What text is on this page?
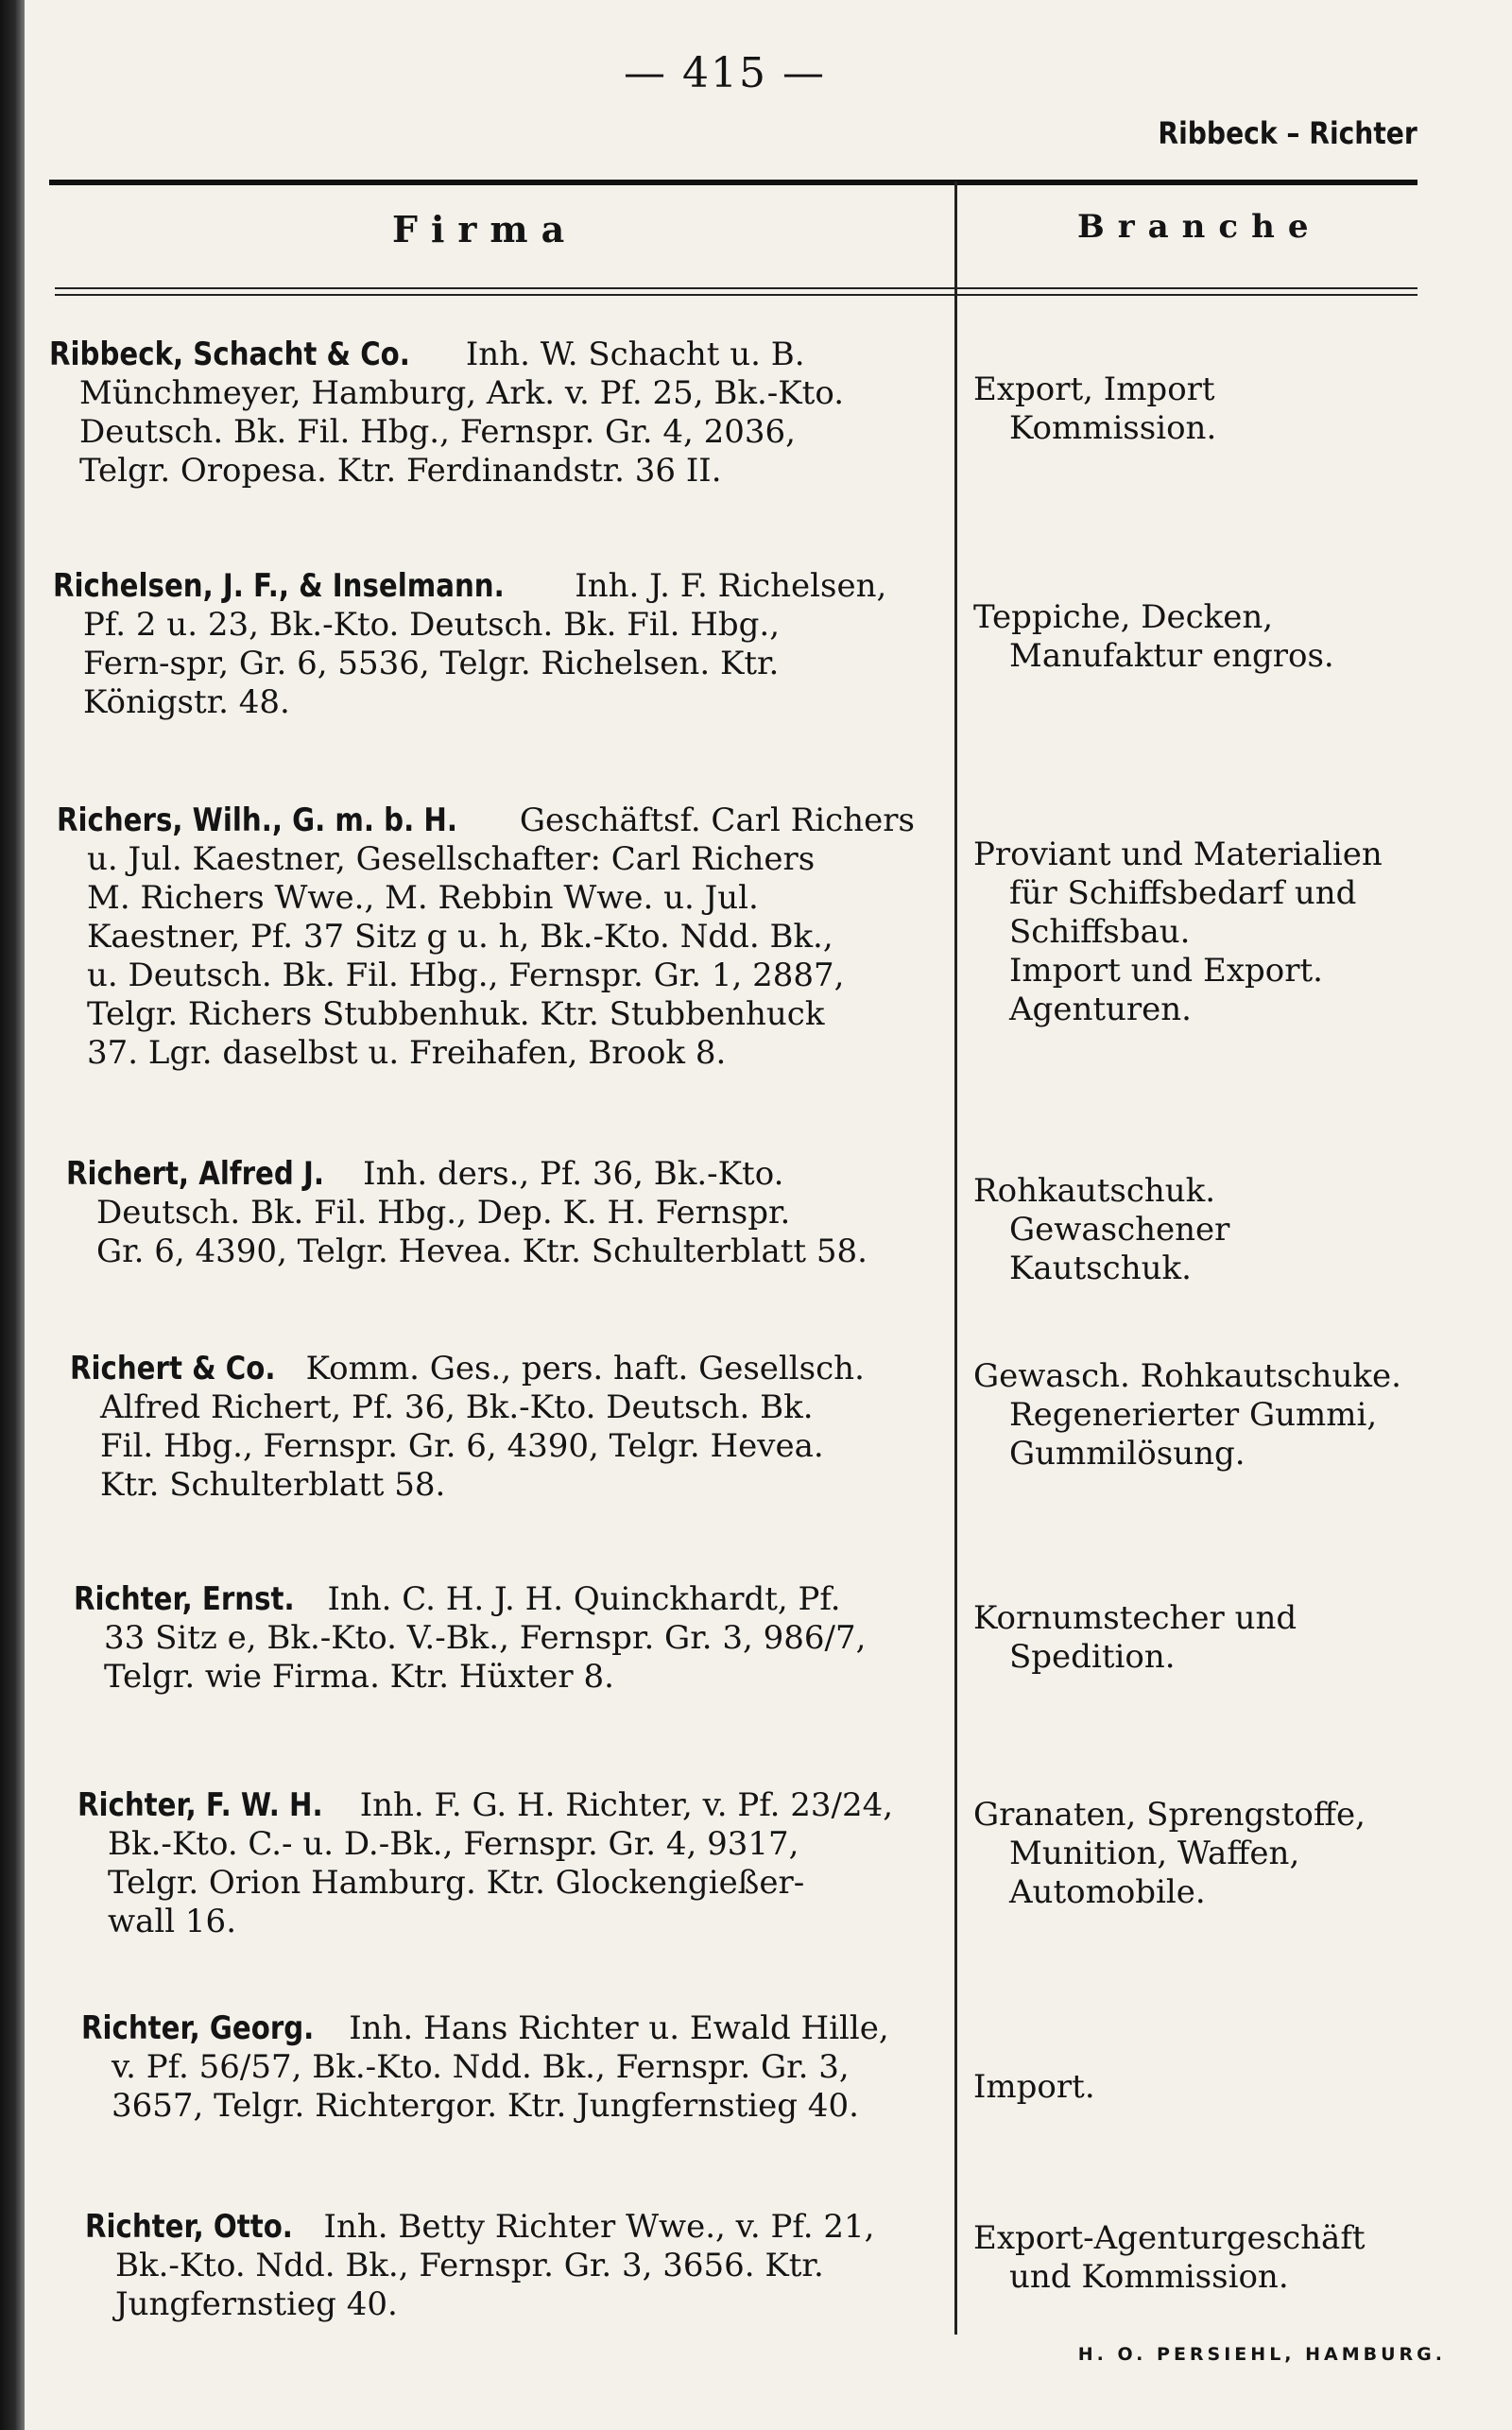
— 415 —
Ribbeck – Richter
Firma	Branche
Ribbeck, Schacht & Co. Inh. W. Schacht u. B.
Münchmeyer, Hamburg, Ark. v. Pf. 25, Bk.-Kto.
Deutsch. Bk. Fil. Hbg., Fernspr. Gr. 4, 2036,
Telgr. Oropesa. Ktr. Ferdinandstr. 36 II.
Export, Import
Kommission.
Richelsen, J. F., & Inselmann. Inh. J. F. Richelsen,
Pf. 2 u. 23, Bk.-Kto. Deutsch. Bk. Fil. Hbg.,
Fern-spr, Gr. 6, 5536, Telgr. Richelsen. Ktr.
Königstr. 48.
Teppiche, Decken,
Manufaktur engros.
Richers, Wilh., G. m. b. H. Geschäftsf. Carl Richers
u. Jul. Kaestner, Gesellschafter: Carl Richers
M. Richers Wwe., M. Rebbin Wwe. u. Jul.
Kaestner, Pf. 37 Sitz g u. h, Bk.-Kto. Ndd. Bk.,
u. Deutsch. Bk. Fil. Hbg., Fernspr. Gr. 1, 2887,
Telgr. Richers Stubbenhuk. Ktr. Stubbenhuck
37. Lgr. daselbst u. Freihafen, Brook 8.
Proviant und Materialien
für Schiffsbedarf und
Schiffsbau.
Import und Export.
Agenturen.
Richert, Alfred J. Inh. ders., Pf. 36, Bk.-Kto.
Deutsch. Bk. Fil. Hbg., Dep. K. H. Fernspr.
Gr. 6, 4390, Telgr. Hevea. Ktr. Schulterblatt 58.
Rohkautschuk.
Gewaschener
Kautschuk.
Richert & Co. Komm. Ges., pers. haft. Gesellsch.
Alfred Richert, Pf. 36, Bk.-Kto. Deutsch. Bk.
Fil. Hbg., Fernspr. Gr. 6, 4390, Telgr. Hevea.
Ktr. Schulterblatt 58.
Gewasch. Rohkautschuke.
Regenerierter Gummi,
Gummilösung.
Richter, Ernst. Inh. C. H. J. H. Quinckhardt, Pf.
33 Sitz e, Bk.-Kto. V.-Bk., Fernspr. Gr. 3, 986/7,
Telgr. wie Firma. Ktr. Hüxter 8.
Kornumstecher und
Spedition.
Richter, F. W. H. Inh. F. G. H. Richter, v. Pf. 23/24,
Bk.-Kto. C.- u. D.-Bk., Fernspr. Gr. 4, 9317,
Telgr. Orion Hamburg. Ktr. Glockengießer-
wall 16.
Granaten, Sprengstoffe,
Munition, Waffen,
Automobile.
Richter, Georg. Inh. Hans Richter u. Ewald Hille,
v. Pf. 56/57, Bk.-Kto. Ndd. Bk., Fernspr. Gr. 3,
3657, Telgr. Richtergor. Ktr. Jungfernstieg 40.	Import.
Richter, Otto. Inh. Betty Richter Wwe., v. Pf. 21,
Bk.-Kto. Ndd. Bk., Fernspr. Gr. 3, 3656. Ktr.
Jungfernstieg 40.
Export-Agenturgeschäft
und Kommission.
H. O. PERSIEHL, HAMBURG.
